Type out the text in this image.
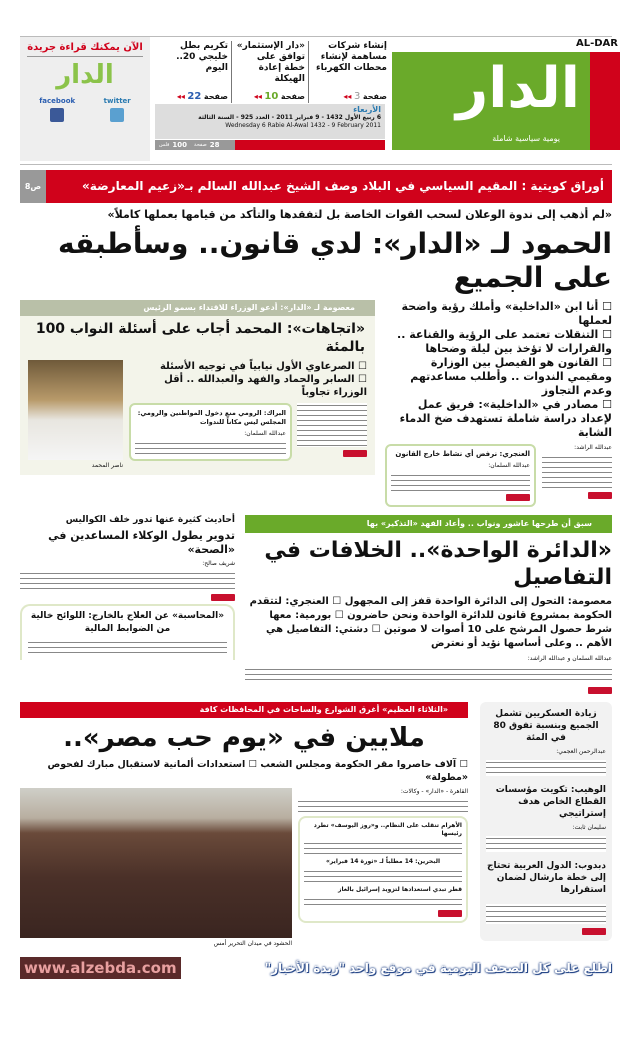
AL-DAR
الدار
يومية سياسية شاملة
إنشاء شركات مساهمة لإنشاء محطات الكهرباء
صفحة 3 ◂◂
«دار الإستثمار» توافق على خطة إعادة الهيكلة
صفحة 10 ◂◂
تكريم بطل خليجي 20.. اليوم
صفحة 22 ◂◂
الأربعاء
6 ربيع الأول 1432 - 9 فبراير 2011 - العدد 925 - السنة الثالثة
Wednesday 6 Rabie Al-Awal 1432 - 9 February 2011
فلس 100 صفحة 28
الآن يمكنك قراءة جريدة
الدار
facebook	twitter
أوراق كويتية : المقيم السياسي في البلاد وصف الشيخ عبدالله السالم بـ«زعيم المعارضة»
ص8
«لم أذهب إلى ندوة الوعلان لسحب القوات الخاصة بل لتفقدها والتأكد من قيامها بعملها كاملاً»
الحمود لـ «الدار»: لدي قانون.. وسأطبقه على الجميع
☐ أنا ابن «الداخلية» وأملك رؤية واضحة لعملها
☐ التنقلات تعتمد على الرؤية والقناعة .. والقرارات لا تؤخذ بين ليلة وضحاها
☐ القانون هو الفيصل بين الوزارة ومقيمي الندوات .. وأطلب مساعدتهم وعدم التجاوز
☐ مصادر في «الداخلية»: فريق عمل لإعداد دراسة شاملة تستهدف ضخ الدماء الشابة
عبدالله الراشد:
العنجري: نرفض أي نشاط خارج القانون
عبدالله السلمان:
معصومة لـ «الدار»: أدعو الوزراء للاقتداء بسمو الرئيس
«اتجاهات»: المحمد أجاب على أسئلة النواب 100 بالمئة
☐ الصرعاوي الأول نيابياً في توجيه الأسئلة
☐ السابر والحماد والفهد والعبدالله .. أقل الوزراء تجاوباً
البراك: الرومي منع دخول المواطنين والرومي: المجلس ليس مكاناً للندوات
عبدالله السلمان:
ناصر المحمد
سبق أن طرحها عاشور ونواب .. وأعاد الفهد «التذكير» بها
«الدائرة الواحدة».. الخلافات في التفاصيل
معصومة: التحول إلى الدائرة الواحدة قفز إلى المجهول ☐ العنجري: لتتقدم الحكومة بمشروع قانون للدائرة الواحدة ونحن حاضرون ☐ بورمية: معها شرط حصول المرشح على 10 أصوات لا صوتين ☐ دشتي: التفاصيل هي الأهم .. وعلى أساسها نؤيد أو نعترض
عبدالله السلمان و عبدالله الراشد:
أحاديث كثيرة عنها تدور خلف الكواليس
تدوير يطول الوكلاء المساعدين في «الصحة»
شريف صالح:
«المحاسبة» عن العلاج بالخارج: اللوائح خالية من الضوابط المالية
زيادة العسكريين تشمل الجميع وبنسبة تفوق 80 في المئة
عبدالرحمن العجمي:
الوهيب: تكويت مؤسسات القطاع الخاص هدف إستراتيجي
سليمان ثابت:
دبدوب: الدول العربية تحتاج إلى خطة مارشال لضمان استقرارها
«الثلاثاء العظيم» أغرق الشوارع والساحات في المحافظات كافة
ملايين في «يوم حب مصر»..
☐ آلاف حاصروا مقر الحكومة ومجلس الشعب ☐ استعدادات ألمانية لاستقبال مبارك لفحوص «مطولة»
القاهرة - «الدار» - وكالات:
الأهرام تنقلب على النظام.. و«روز اليوسف» تطرد رئيسها
البحرين: 14 مطلباً لـ «ثورة 14 فبراير»
قطر تبدي استعدادها لتزويد إسرائيل بالغاز
الحشود في ميدان التحرير أمس
اطلع على كل الصحف اليومية في موقع واحد "زبدة الأخبار"
www.alzebda.com
